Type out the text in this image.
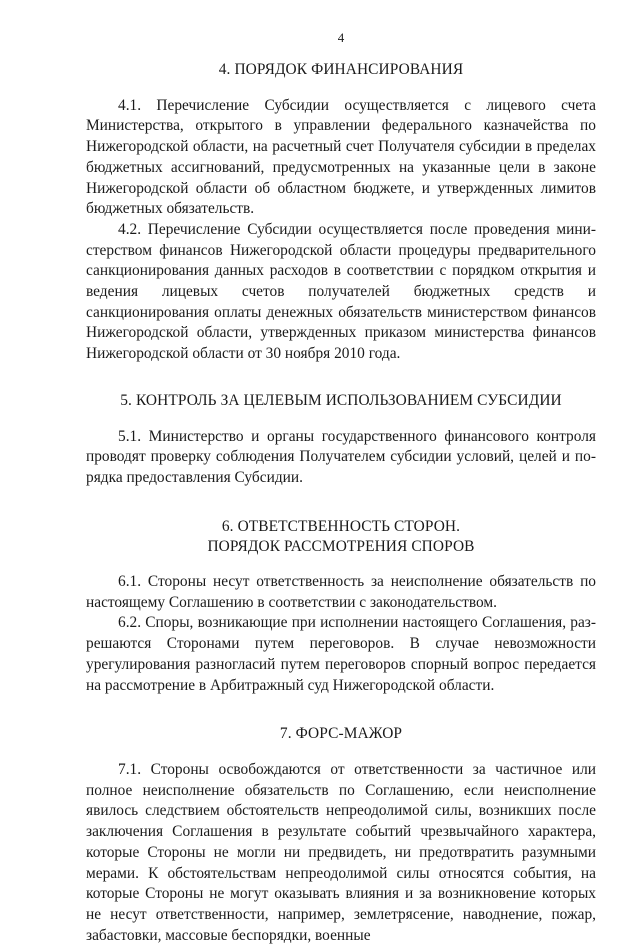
4
4. ПОРЯДОК ФИНАНСИРОВАНИЯ

4.1. Перечисление Субсидии осуществляется с лицевого счета Министерства, открытого в управлении федерального казначейства по Нижегородской области, на расчетный счет Получателя субсидии в пределах бюджетных ассигнований, предусмотренных на указанные цели в законе Нижегородской области об областном бюджете, и утвержденных лимитов бюджетных обязательств.

4.2. Перечисление Субсидии осуществляется после проведения министерством финансов Нижегородской области процедуры предварительного санкционирования данных расходов в соответствии с порядком открытия и ведения лицевых счетов получателей бюджетных средств и санкционирования оплаты денежных обязательств министерством финансов Нижегородской области, утвержденных приказом министерства финансов Нижегородской области от 30 ноября 2010 года.

5. КОНТРОЛЬ ЗА ЦЕЛЕВЫМ ИСПОЛЬЗОВАНИЕМ СУБСИДИИ

5.1. Министерство и органы государственного финансового контроля проводят проверку соблюдения Получателем субсидии условий, целей и порядка предоставления Субсидии.

6. ОТВЕТСТВЕННОСТЬ СТОРОН.
ПОРЯДОК РАССМОТРЕНИЯ СПОРОВ

6.1. Стороны несут ответственность за неисполнение обязательств по настоящему Соглашению в соответствии с законодательством.

6.2. Споры, возникающие при исполнении настоящего Соглашения, разрешаются Сторонами путем переговоров. В случае невозможности урегулирования разногласий путем переговоров спорный вопрос передается на рассмотрение в Арбитражный суд Нижегородской области.

7. ФОРС-МАЖОР

7.1. Стороны освобождаются от ответственности за частичное или полное неисполнение обязательств по Соглашению, если неисполнение явилось следствием обстоятельств непреодолимой силы, возникших после заключения Соглашения в результате событий чрезвычайного характера, которые Стороны не могли ни предвидеть, ни предотвратить разумными мерами. К обстоятельствам непреодолимой силы относятся события, на которые Стороны не могут оказывать влияния и за возникновение которых не несут ответственности, например, землетрясение, наводнение, пожар, забастовки, массовые беспорядки, военные
